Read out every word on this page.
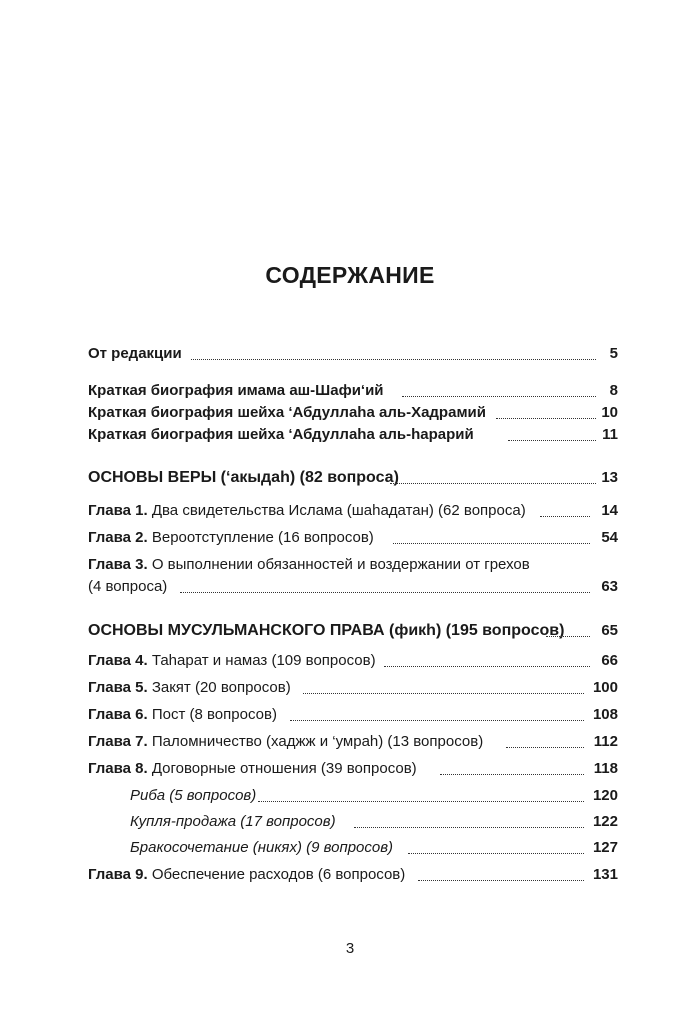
СОДЕРЖАНИЕ
От редакции	5
Краткая биография имама аш-Шафи‘ий	8
Краткая биография шейха ‘Абдуллаhа аль-Хадрамий	10
Краткая биография шейха ‘Абдуллаhа аль-hарарий	11
ОСНОВЫ ВЕРЫ (‘акыдаh) (82 вопроса)	13
Глава 1. Два свидетельства Ислама (шаhадатан) (62 вопроса)	14
Глава 2. Вероотступление (16 вопросов)	54
Глава 3. О выполнении обязанностей и воздержании от грехов
(4 вопроса)	63
ОСНОВЫ МУСУЛЬМАНСКОГО ПРАВА (фикh) (195 вопросов) 65
Глава 4. Таhарат и намаз (109 вопросов)	66
Глава 5. Закят (20 вопросов)	100
Глава 6. Пост (8 вопросов)	108
Глава 7. Паломничество (хаджж и ‘умраh) (13 вопросов)	112
Глава 8. Договорные отношения (39 вопросов)	118
Риба (5 вопросов)	120
Купля-продажа (17 вопросов)	122
Бракосочетание (никях) (9 вопросов)	127
Глава 9. Обеспечение расходов (6 вопросов)	131
3
